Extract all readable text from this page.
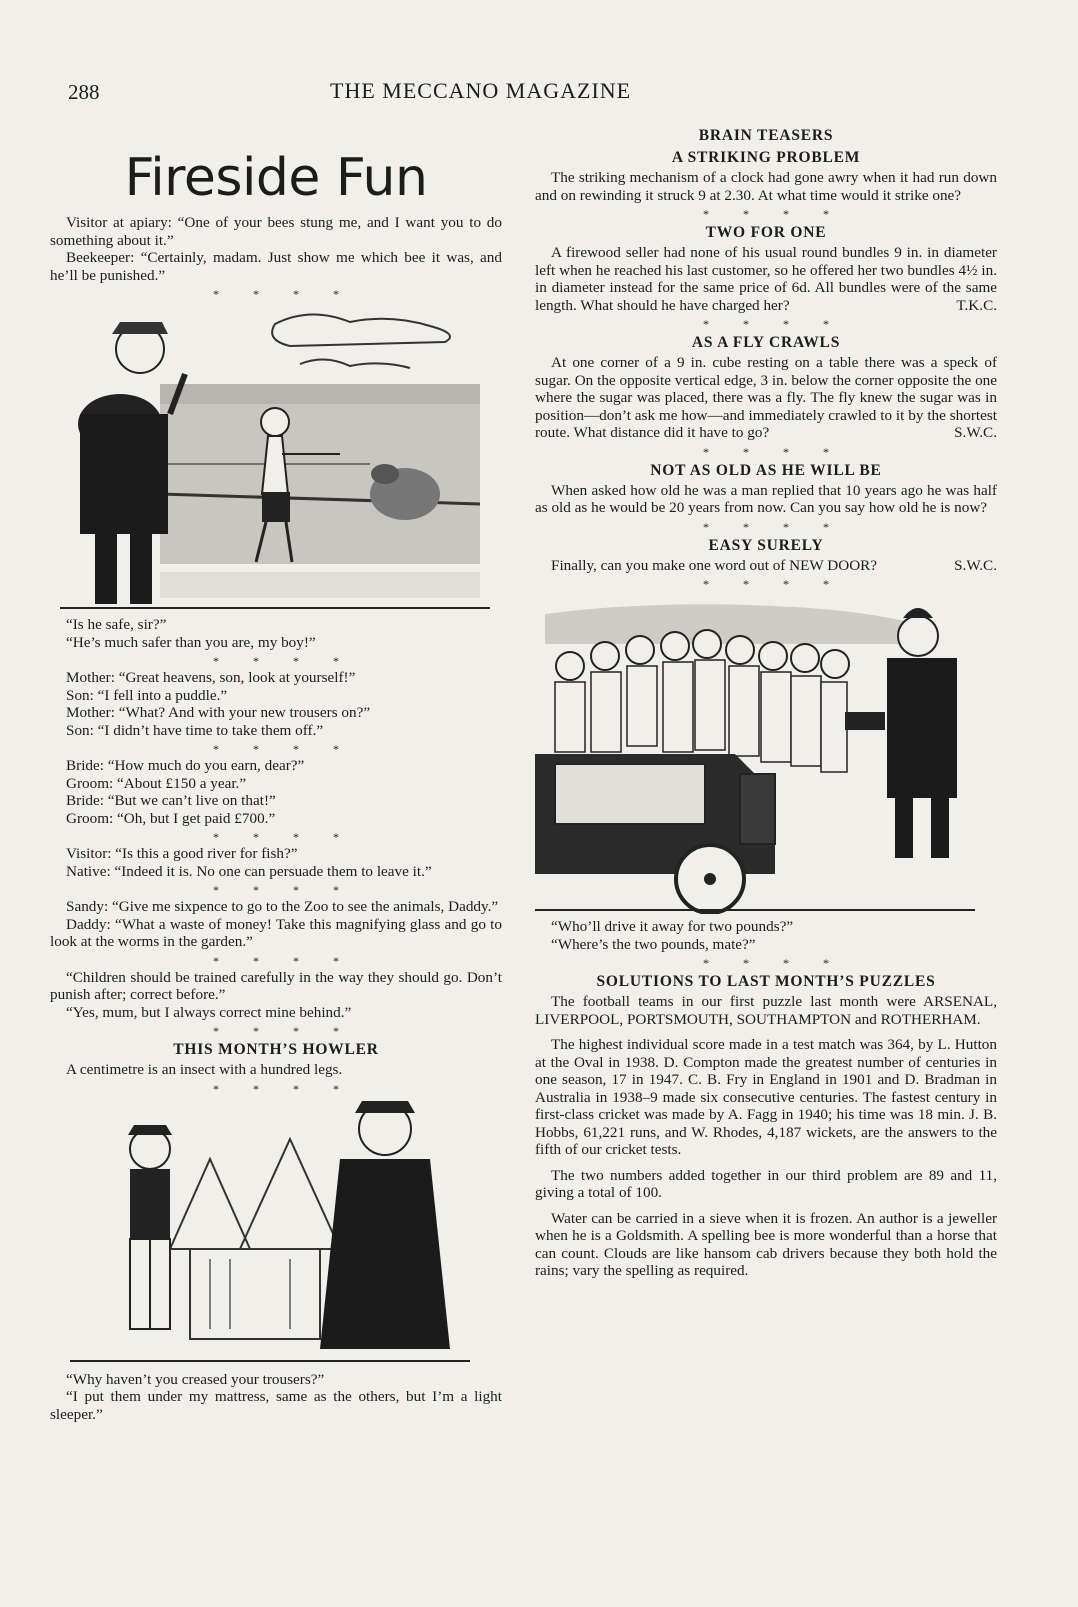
288	THE MECCANO MAGAZINE
Fireside Fun

Visitor at apiary: “One of your bees stung me, and I want you to do something about it.”

Beekeeper: “Certainly, madam. Just show me which bee it was, and he’ll be punished.”

****

“Is he safe, sir?”

“He’s much safer than you are, my boy!”

****

Mother: “Great heavens, son, look at yourself!”

Son: “I fell into a puddle.”

Mother: “What? And with your new trousers on?”

Son: “I didn’t have time to take them off.”

****

Bride: “How much do you earn, dear?”

Groom: “About £150 a year.”

Bride: “But we can’t live on that!”

Groom: “Oh, but I get paid £700.”

****

Visitor: “Is this a good river for fish?”

Native: “Indeed it is. No one can persuade them to leave it.”

****

Sandy: “Give me sixpence to go to the Zoo to see the animals, Daddy.”

Daddy: “What a waste of money! Take this magnifying glass and go to look at the worms in the garden.”

****

“Children should be trained carefully in the way they should go. Don’t punish after; correct before.”

“Yes, mum, but I always correct mine behind.”

****
THIS MONTH’S HOWLER

A centimetre is an insect with a hundred legs.

****

“Why haven’t you creased your trousers?”

“I put them under my mattress, same as the others, but I’m a light sleeper.”

BRAIN TEASERS
A STRIKING PROBLEM

The striking mechanism of a clock had gone awry when it had run down and on rewinding it struck 9 at 2.30. At what time would it strike one?

****
TWO FOR ONE

A firewood seller had none of his usual round bundles 9 in. in diameter left when he reached his last customer, so he offered her two bundles 4½ in. in diameter instead for the same price of 6d. All bundles were of the same length. What should he have charged her?	T.K.C.

****
AS A FLY CRAWLS

At one corner of a 9 in. cube resting on a table there was a speck of sugar. On the opposite vertical edge, 3 in. below the corner opposite the one where the sugar was placed, there was a fly. The fly knew the sugar was in position—don’t ask me how—and immediately crawled to it by the shortest route. What distance did it have to go?	S.W.C.

****
NOT AS OLD AS HE WILL BE

When asked how old he was a man replied that 10 years ago he was half as old as he would be 20 years from now. Can you say how old he is now?

****
EASY SURELY

Finally, can you make one word out of NEW DOOR?	S.W.C.

****

“Who’ll drive it away for two pounds?”

“Where’s the two pounds, mate?”

****
SOLUTIONS TO LAST MONTH’S PUZZLES

The football teams in our first puzzle last month were ARSENAL, LIVERPOOL, PORTSMOUTH, SOUTHAMPTON and ROTHERHAM.

The highest individual score made in a test match was 364, by L. Hutton at the Oval in 1938. D. Compton made the greatest number of centuries in one season, 17 in 1947. C. B. Fry in England in 1901 and D. Bradman in Australia in 1938–9 made six consecutive centuries. The fastest century in first-class cricket was made by A. Fagg in 1940; his time was 18 min. J. B. Hobbs, 61,221 runs, and W. Rhodes, 4,187 wickets, are the answers to the fifth of our cricket tests.

The two numbers added together in our third problem are 89 and 11, giving a total of 100.

Water can be carried in a sieve when it is frozen. An author is a jeweller when he is a Goldsmith. A spelling bee is more wonderful than a horse that can count. Clouds are like hansom cab drivers because they both hold the rains; vary the spelling as required.
